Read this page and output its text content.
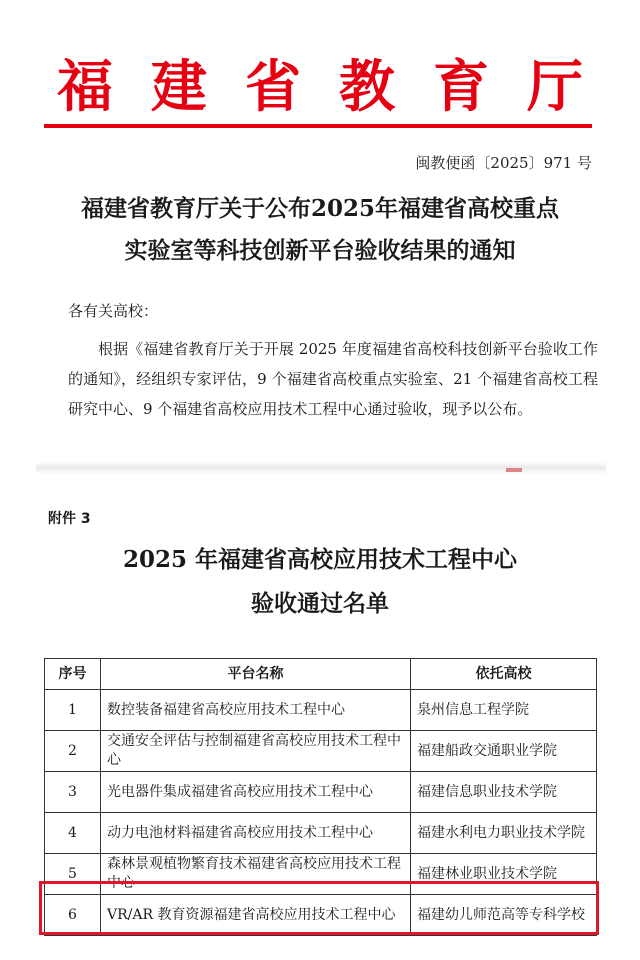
福建省教育厅
闽教便函〔2025〕971 号
福建省教育厅关于公布2025年福建省高校重点
实验室等科技创新平台验收结果的通知
各有关高校：
根据《福建省教育厅关于开展 2025 年度福建省高校科技创新平台验收工作的通知》，经组织专家评估，9 个福建省高校重点实验室、21 个福建省高校工程研究中心、9 个福建省高校应用技术工程中心通过验收，现予以公布。
附件 3
2025 年福建省高校应用技术工程中心
验收通过名单
序号	平台名称	依托高校
1	数控装备福建省高校应用技术工程中心	泉州信息工程学院
2	交通安全评估与控制福建省高校应用技术工程中心	福建船政交通职业学院
3	光电器件集成福建省高校应用技术工程中心	福建信息职业技术学院
4	动力电池材料福建省高校应用技术工程中心	福建水利电力职业技术学院
5	森林景观植物繁育技术福建省高校应用技术工程中心	福建林业职业技术学院
6	VR/AR 教育资源福建省高校应用技术工程中心	福建幼儿师范高等专科学校
